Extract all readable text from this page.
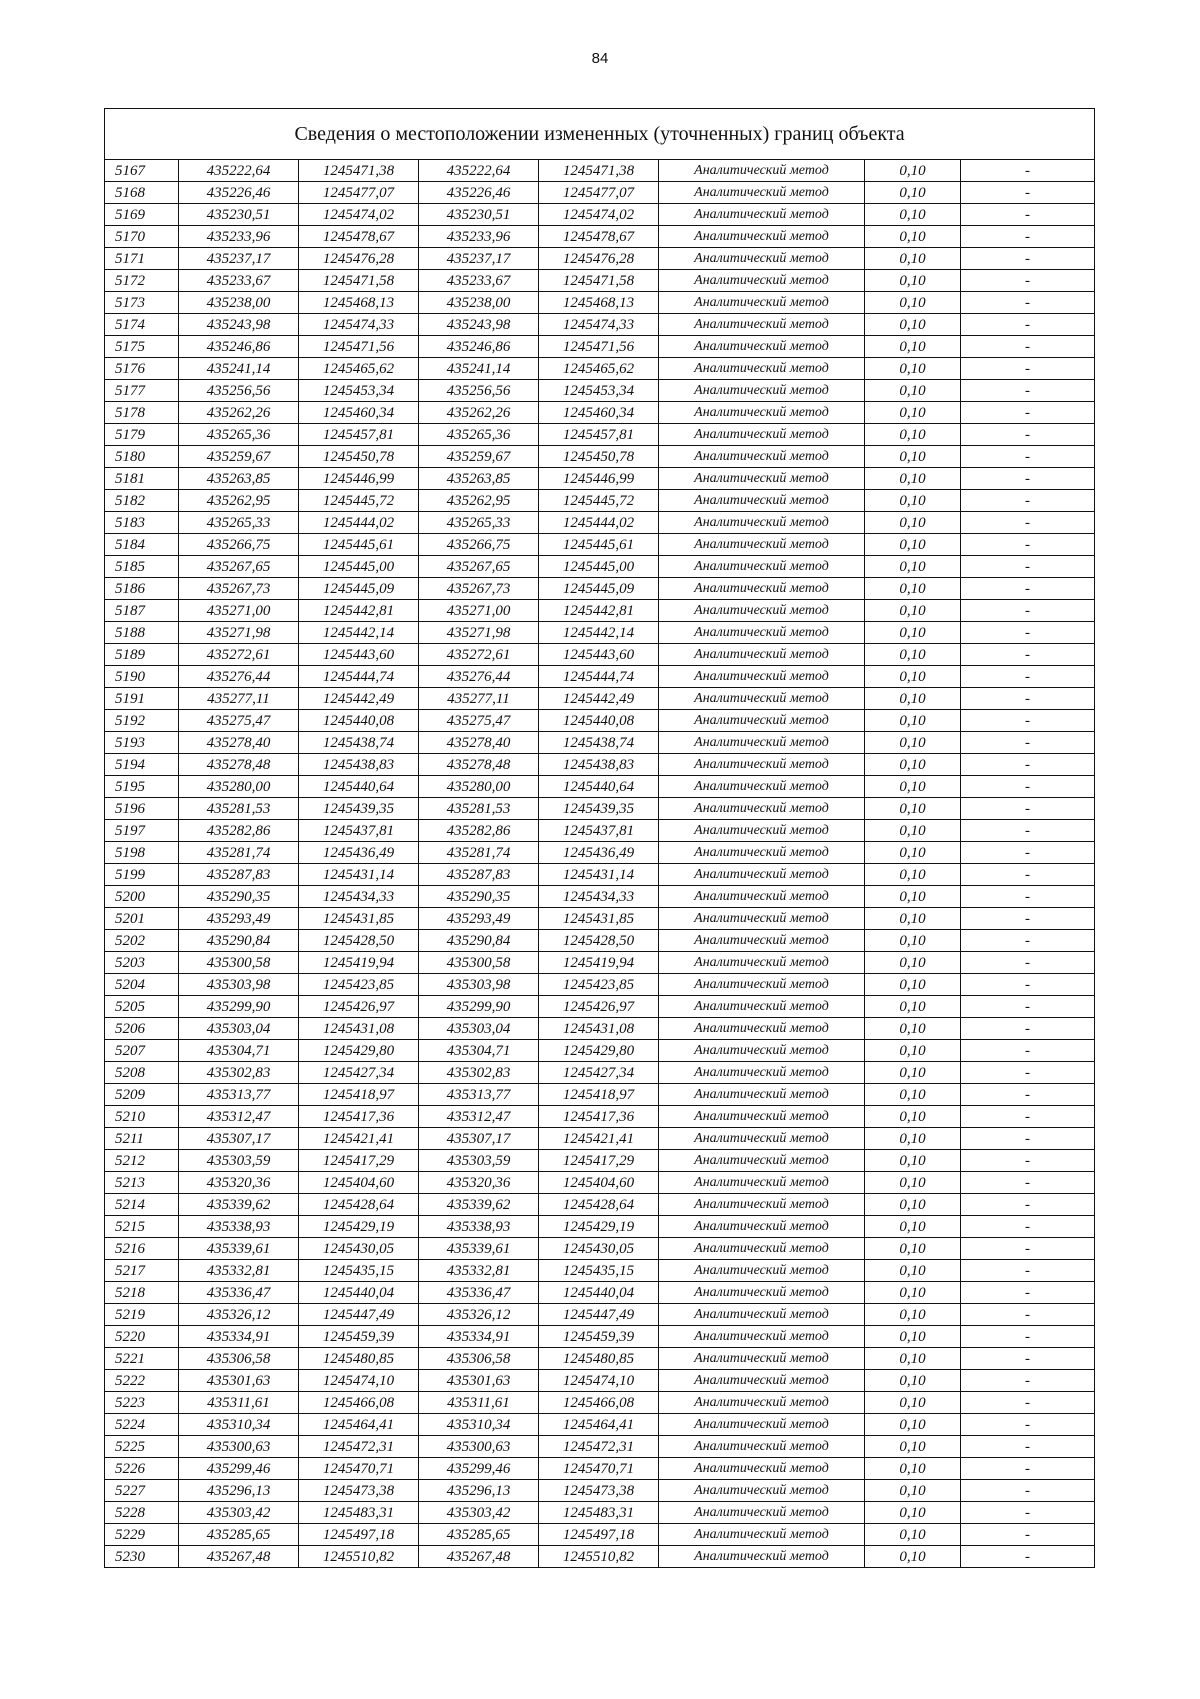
84
Сведения о местоположении измененных (уточненных) границ объекта							
5167	435222,64	1245471,38	435222,64	1245471,38	Аналитический метод	0,10	-
5168	435226,46	1245477,07	435226,46	1245477,07	Аналитический метод	0,10	-
5169	435230,51	1245474,02	435230,51	1245474,02	Аналитический метод	0,10	-
5170	435233,96	1245478,67	435233,96	1245478,67	Аналитический метод	0,10	-
5171	435237,17	1245476,28	435237,17	1245476,28	Аналитический метод	0,10	-
5172	435233,67	1245471,58	435233,67	1245471,58	Аналитический метод	0,10	-
5173	435238,00	1245468,13	435238,00	1245468,13	Аналитический метод	0,10	-
5174	435243,98	1245474,33	435243,98	1245474,33	Аналитический метод	0,10	-
5175	435246,86	1245471,56	435246,86	1245471,56	Аналитический метод	0,10	-
5176	435241,14	1245465,62	435241,14	1245465,62	Аналитический метод	0,10	-
5177	435256,56	1245453,34	435256,56	1245453,34	Аналитический метод	0,10	-
5178	435262,26	1245460,34	435262,26	1245460,34	Аналитический метод	0,10	-
5179	435265,36	1245457,81	435265,36	1245457,81	Аналитический метод	0,10	-
5180	435259,67	1245450,78	435259,67	1245450,78	Аналитический метод	0,10	-
5181	435263,85	1245446,99	435263,85	1245446,99	Аналитический метод	0,10	-
5182	435262,95	1245445,72	435262,95	1245445,72	Аналитический метод	0,10	-
5183	435265,33	1245444,02	435265,33	1245444,02	Аналитический метод	0,10	-
5184	435266,75	1245445,61	435266,75	1245445,61	Аналитический метод	0,10	-
5185	435267,65	1245445,00	435267,65	1245445,00	Аналитический метод	0,10	-
5186	435267,73	1245445,09	435267,73	1245445,09	Аналитический метод	0,10	-
5187	435271,00	1245442,81	435271,00	1245442,81	Аналитический метод	0,10	-
5188	435271,98	1245442,14	435271,98	1245442,14	Аналитический метод	0,10	-
5189	435272,61	1245443,60	435272,61	1245443,60	Аналитический метод	0,10	-
5190	435276,44	1245444,74	435276,44	1245444,74	Аналитический метод	0,10	-
5191	435277,11	1245442,49	435277,11	1245442,49	Аналитический метод	0,10	-
5192	435275,47	1245440,08	435275,47	1245440,08	Аналитический метод	0,10	-
5193	435278,40	1245438,74	435278,40	1245438,74	Аналитический метод	0,10	-
5194	435278,48	1245438,83	435278,48	1245438,83	Аналитический метод	0,10	-
5195	435280,00	1245440,64	435280,00	1245440,64	Аналитический метод	0,10	-
5196	435281,53	1245439,35	435281,53	1245439,35	Аналитический метод	0,10	-
5197	435282,86	1245437,81	435282,86	1245437,81	Аналитический метод	0,10	-
5198	435281,74	1245436,49	435281,74	1245436,49	Аналитический метод	0,10	-
5199	435287,83	1245431,14	435287,83	1245431,14	Аналитический метод	0,10	-
5200	435290,35	1245434,33	435290,35	1245434,33	Аналитический метод	0,10	-
5201	435293,49	1245431,85	435293,49	1245431,85	Аналитический метод	0,10	-
5202	435290,84	1245428,50	435290,84	1245428,50	Аналитический метод	0,10	-
5203	435300,58	1245419,94	435300,58	1245419,94	Аналитический метод	0,10	-
5204	435303,98	1245423,85	435303,98	1245423,85	Аналитический метод	0,10	-
5205	435299,90	1245426,97	435299,90	1245426,97	Аналитический метод	0,10	-
5206	435303,04	1245431,08	435303,04	1245431,08	Аналитический метод	0,10	-
5207	435304,71	1245429,80	435304,71	1245429,80	Аналитический метод	0,10	-
5208	435302,83	1245427,34	435302,83	1245427,34	Аналитический метод	0,10	-
5209	435313,77	1245418,97	435313,77	1245418,97	Аналитический метод	0,10	-
5210	435312,47	1245417,36	435312,47	1245417,36	Аналитический метод	0,10	-
5211	435307,17	1245421,41	435307,17	1245421,41	Аналитический метод	0,10	-
5212	435303,59	1245417,29	435303,59	1245417,29	Аналитический метод	0,10	-
5213	435320,36	1245404,60	435320,36	1245404,60	Аналитический метод	0,10	-
5214	435339,62	1245428,64	435339,62	1245428,64	Аналитический метод	0,10	-
5215	435338,93	1245429,19	435338,93	1245429,19	Аналитический метод	0,10	-
5216	435339,61	1245430,05	435339,61	1245430,05	Аналитический метод	0,10	-
5217	435332,81	1245435,15	435332,81	1245435,15	Аналитический метод	0,10	-
5218	435336,47	1245440,04	435336,47	1245440,04	Аналитический метод	0,10	-
5219	435326,12	1245447,49	435326,12	1245447,49	Аналитический метод	0,10	-
5220	435334,91	1245459,39	435334,91	1245459,39	Аналитический метод	0,10	-
5221	435306,58	1245480,85	435306,58	1245480,85	Аналитический метод	0,10	-
5222	435301,63	1245474,10	435301,63	1245474,10	Аналитический метод	0,10	-
5223	435311,61	1245466,08	435311,61	1245466,08	Аналитический метод	0,10	-
5224	435310,34	1245464,41	435310,34	1245464,41	Аналитический метод	0,10	-
5225	435300,63	1245472,31	435300,63	1245472,31	Аналитический метод	0,10	-
5226	435299,46	1245470,71	435299,46	1245470,71	Аналитический метод	0,10	-
5227	435296,13	1245473,38	435296,13	1245473,38	Аналитический метод	0,10	-
5228	435303,42	1245483,31	435303,42	1245483,31	Аналитический метод	0,10	-
5229	435285,65	1245497,18	435285,65	1245497,18	Аналитический метод	0,10	-
5230	435267,48	1245510,82	435267,48	1245510,82	Аналитический метод	0,10	-
